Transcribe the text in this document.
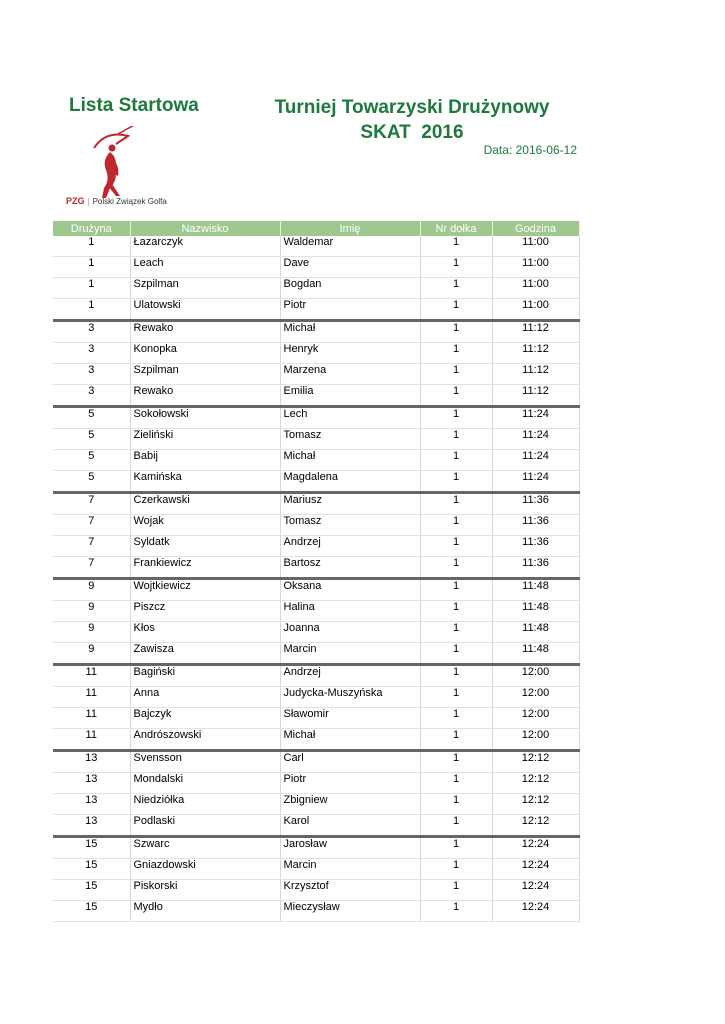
Lista Startowa	Turniej Towarzyski Drużynowy
SKAT  2016
Data: 2016-06-12
PZG | Polski Związek Golfa
Drużyna	Nazwisko	Imię	Nr dołka	Godzina
1	Łazarczyk	Waldemar	1	11:00
1	Leach	Dave	1	11:00
1	Szpilman	Bogdan	1	11:00
1	Ulatowski	Piotr	1	11:00
3	Rewako	Michał	1	11:12
3	Konopka	Henryk	1	11:12
3	Szpilman	Marzena	1	11:12
3	Rewako	Emilia	1	11:12
5	Sokołowski	Lech	1	11:24
5	Zieliński	Tomasz	1	11:24
5	Babij	Michał	1	11:24
5	Kamińska	Magdalena	1	11:24
7	Czerkawski	Mariusz	1	11:36
7	Wojak	Tomasz	1	11:36
7	Syldatk	Andrzej	1	11:36
7	Frankiewicz	Bartosz	1	11:36
9	Wojtkiewicz	Oksana	1	11:48
9	Piszcz	Halina	1	11:48
9	Kłos	Joanna	1	11:48
9	Zawisza	Marcin	1	11:48
11	Bagiński	Andrzej	1	12:00
11	Anna	Judycka-Muszyńska	1	12:00
11	Bajczyk	Sławomir	1	12:00
11	Andrószowski	Michał	1	12:00
13	Svensson	Carl	1	12:12
13	Mondalski	Piotr	1	12:12
13	Niedziółka	Zbigniew	1	12:12
13	Podlaski	Karol	1	12:12
15	Szwarc	Jarosław	1	12:24
15	Gniazdowski	Marcin	1	12:24
15	Piskorski	Krzysztof	1	12:24
15	Mydło	Mieczysław	1	12:24
